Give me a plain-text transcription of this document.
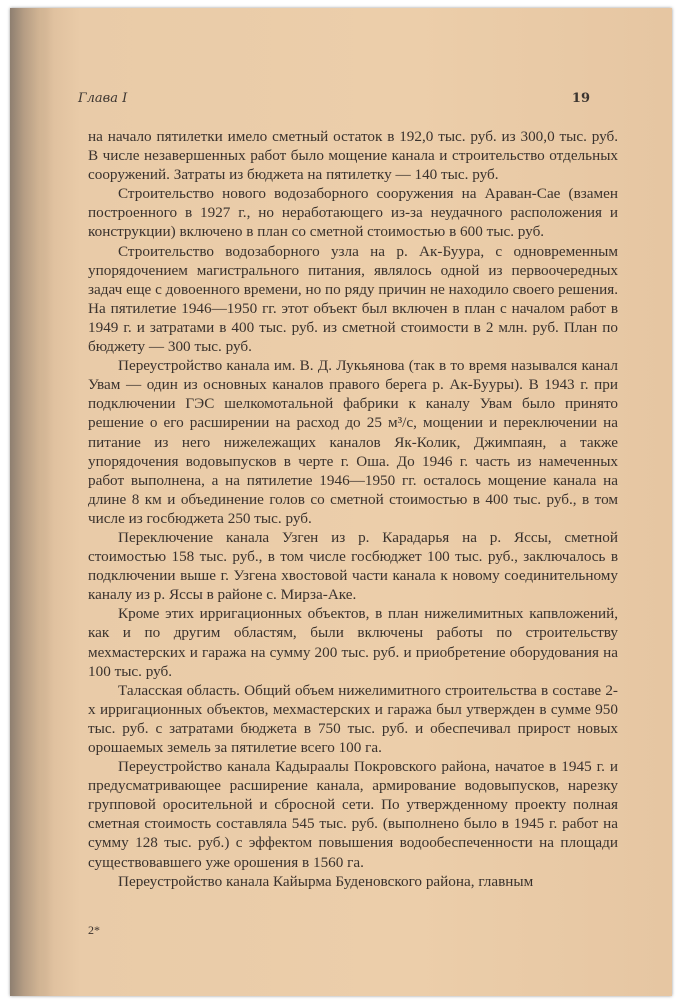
Глава I	19

на начало пятилетки имело сметный остаток в 192,0 тыс. руб. из 300,0 тыс. руб. В числе незавершенных работ было мощение канала и строительство отдельных сооружений. Затраты из бюджета на пятилетку — 140 тыс. руб.

Строительство нового водозаборного сооружения на Араван-Сае (взамен построенного в 1927 г., но неработающего из-за неудачного расположения и конструкции) включено в план со сметной стоимостью в 600 тыс. руб.

Строительство водозаборного узла на р. Ак-Буура, с одновременным упорядочением магистрального питания, являлось одной из первоочередных задач еще с довоенного времени, но по ряду причин не находило своего решения. На пятилетие 1946—1950 гг. этот объект был включен в план с началом работ в 1949 г. и затратами в 400 тыс. руб. из сметной стоимости в 2 млн. руб. План по бюджету — 300 тыс. руб.

Переустройство канала им. В. Д. Лукьянова (так в то время назывался канал Увам — один из основных каналов правого берега р. Ак-Бууры). В 1943 г. при подключении ГЭС шелкомотальной фабрики к каналу Увам было принято решение о его расширении на расход до 25 м³/с, мощении и переключении на питание из него нижележащих каналов Як-Колик, Джимпаян, а также упорядочения водовыпусков в черте г. Оша. До 1946 г. часть из намеченных работ выполнена, а на пятилетие 1946—1950 гг. осталось мощение канала на длине 8 км и объединение голов со сметной стоимостью в 400 тыс. руб., в том числе из госбюджета 250 тыс. руб.

Переключение канала Узген из р. Карадарья на р. Яссы, сметной стоимостью 158 тыс. руб., в том числе госбюджет 100 тыс. руб., заключалось в подключении выше г. Узгена хвостовой части канала к новому соединительному каналу из р. Яссы в районе с. Мирза-Аке.

Кроме этих ирригационных объектов, в план нижелимитных капвложений, как и по другим областям, были включены работы по строительству мехмастерских и гаража на сумму 200 тыс. руб. и приобретение оборудования на 100 тыс. руб.

Таласская область. Общий объем нижелимитного строительства в составе 2-х ирригационных объектов, мехмастерских и гаража был утвержден в сумме 950 тыс. руб. с затратами бюджета в 750 тыс. руб. и обеспечивал прирост новых орошаемых земель за пятилетие всего 100 га.

Переустройство канала Кадыраалы Покровского района, начатое в 1945 г. и предусматривающее расширение канала, армирование водовыпусков, нарезку групповой оросительной и сбросной сети. По утвержденному проекту полная сметная стоимость составляла 545 тыс. руб. (выполнено было в 1945 г. работ на сумму 128 тыс. руб.) с эффектом повышения водообеспеченности на площади существовавшего уже орошения в 1560 га.

Переустройство канала Кайырма Буденовского района, главным

2*
